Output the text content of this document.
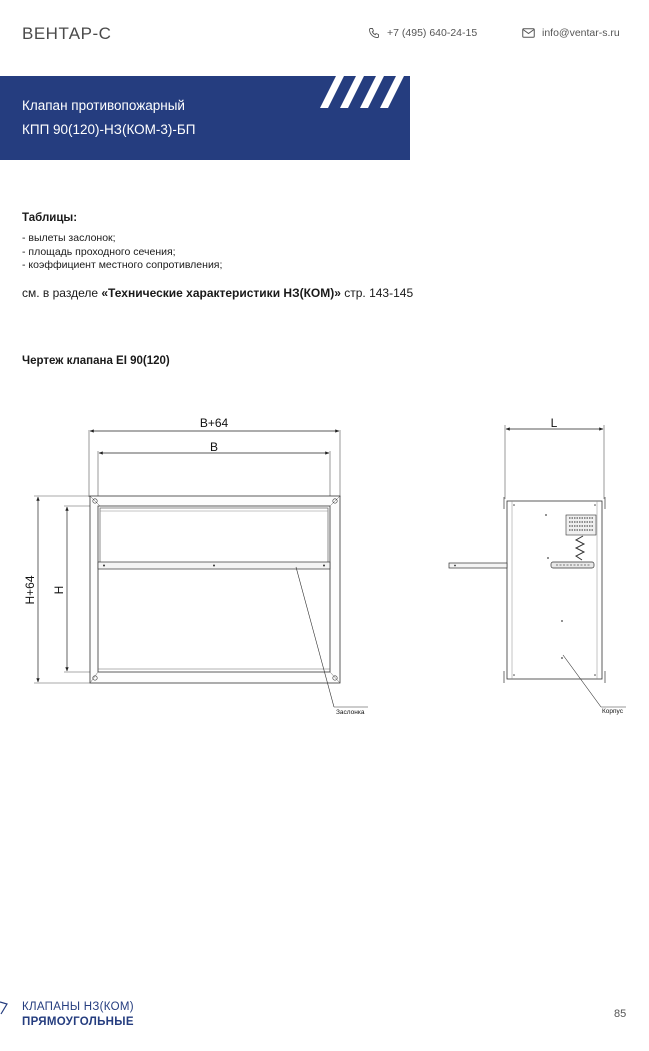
ВЕНТАР-С	+7 (495) 640-24-15	info@ventar-s.ru
Клапан противопожарный
КПП 90(120)-НЗ(КОМ-3)-БП
Таблицы:
- вылеты заслонок;
- площадь проходного сечения;
- коэффициент местного сопротивления;
см. в разделе «Технические характеристики НЗ(КОМ)» стр. 143-145
Чертеж клапана EI 90(120)
B+64
B
H+64 H
Заслонка
L
Корпус
КЛАПАНЫ НЗ(КОМ)
ПРЯМОУГОЛЬНЫЕ
85
